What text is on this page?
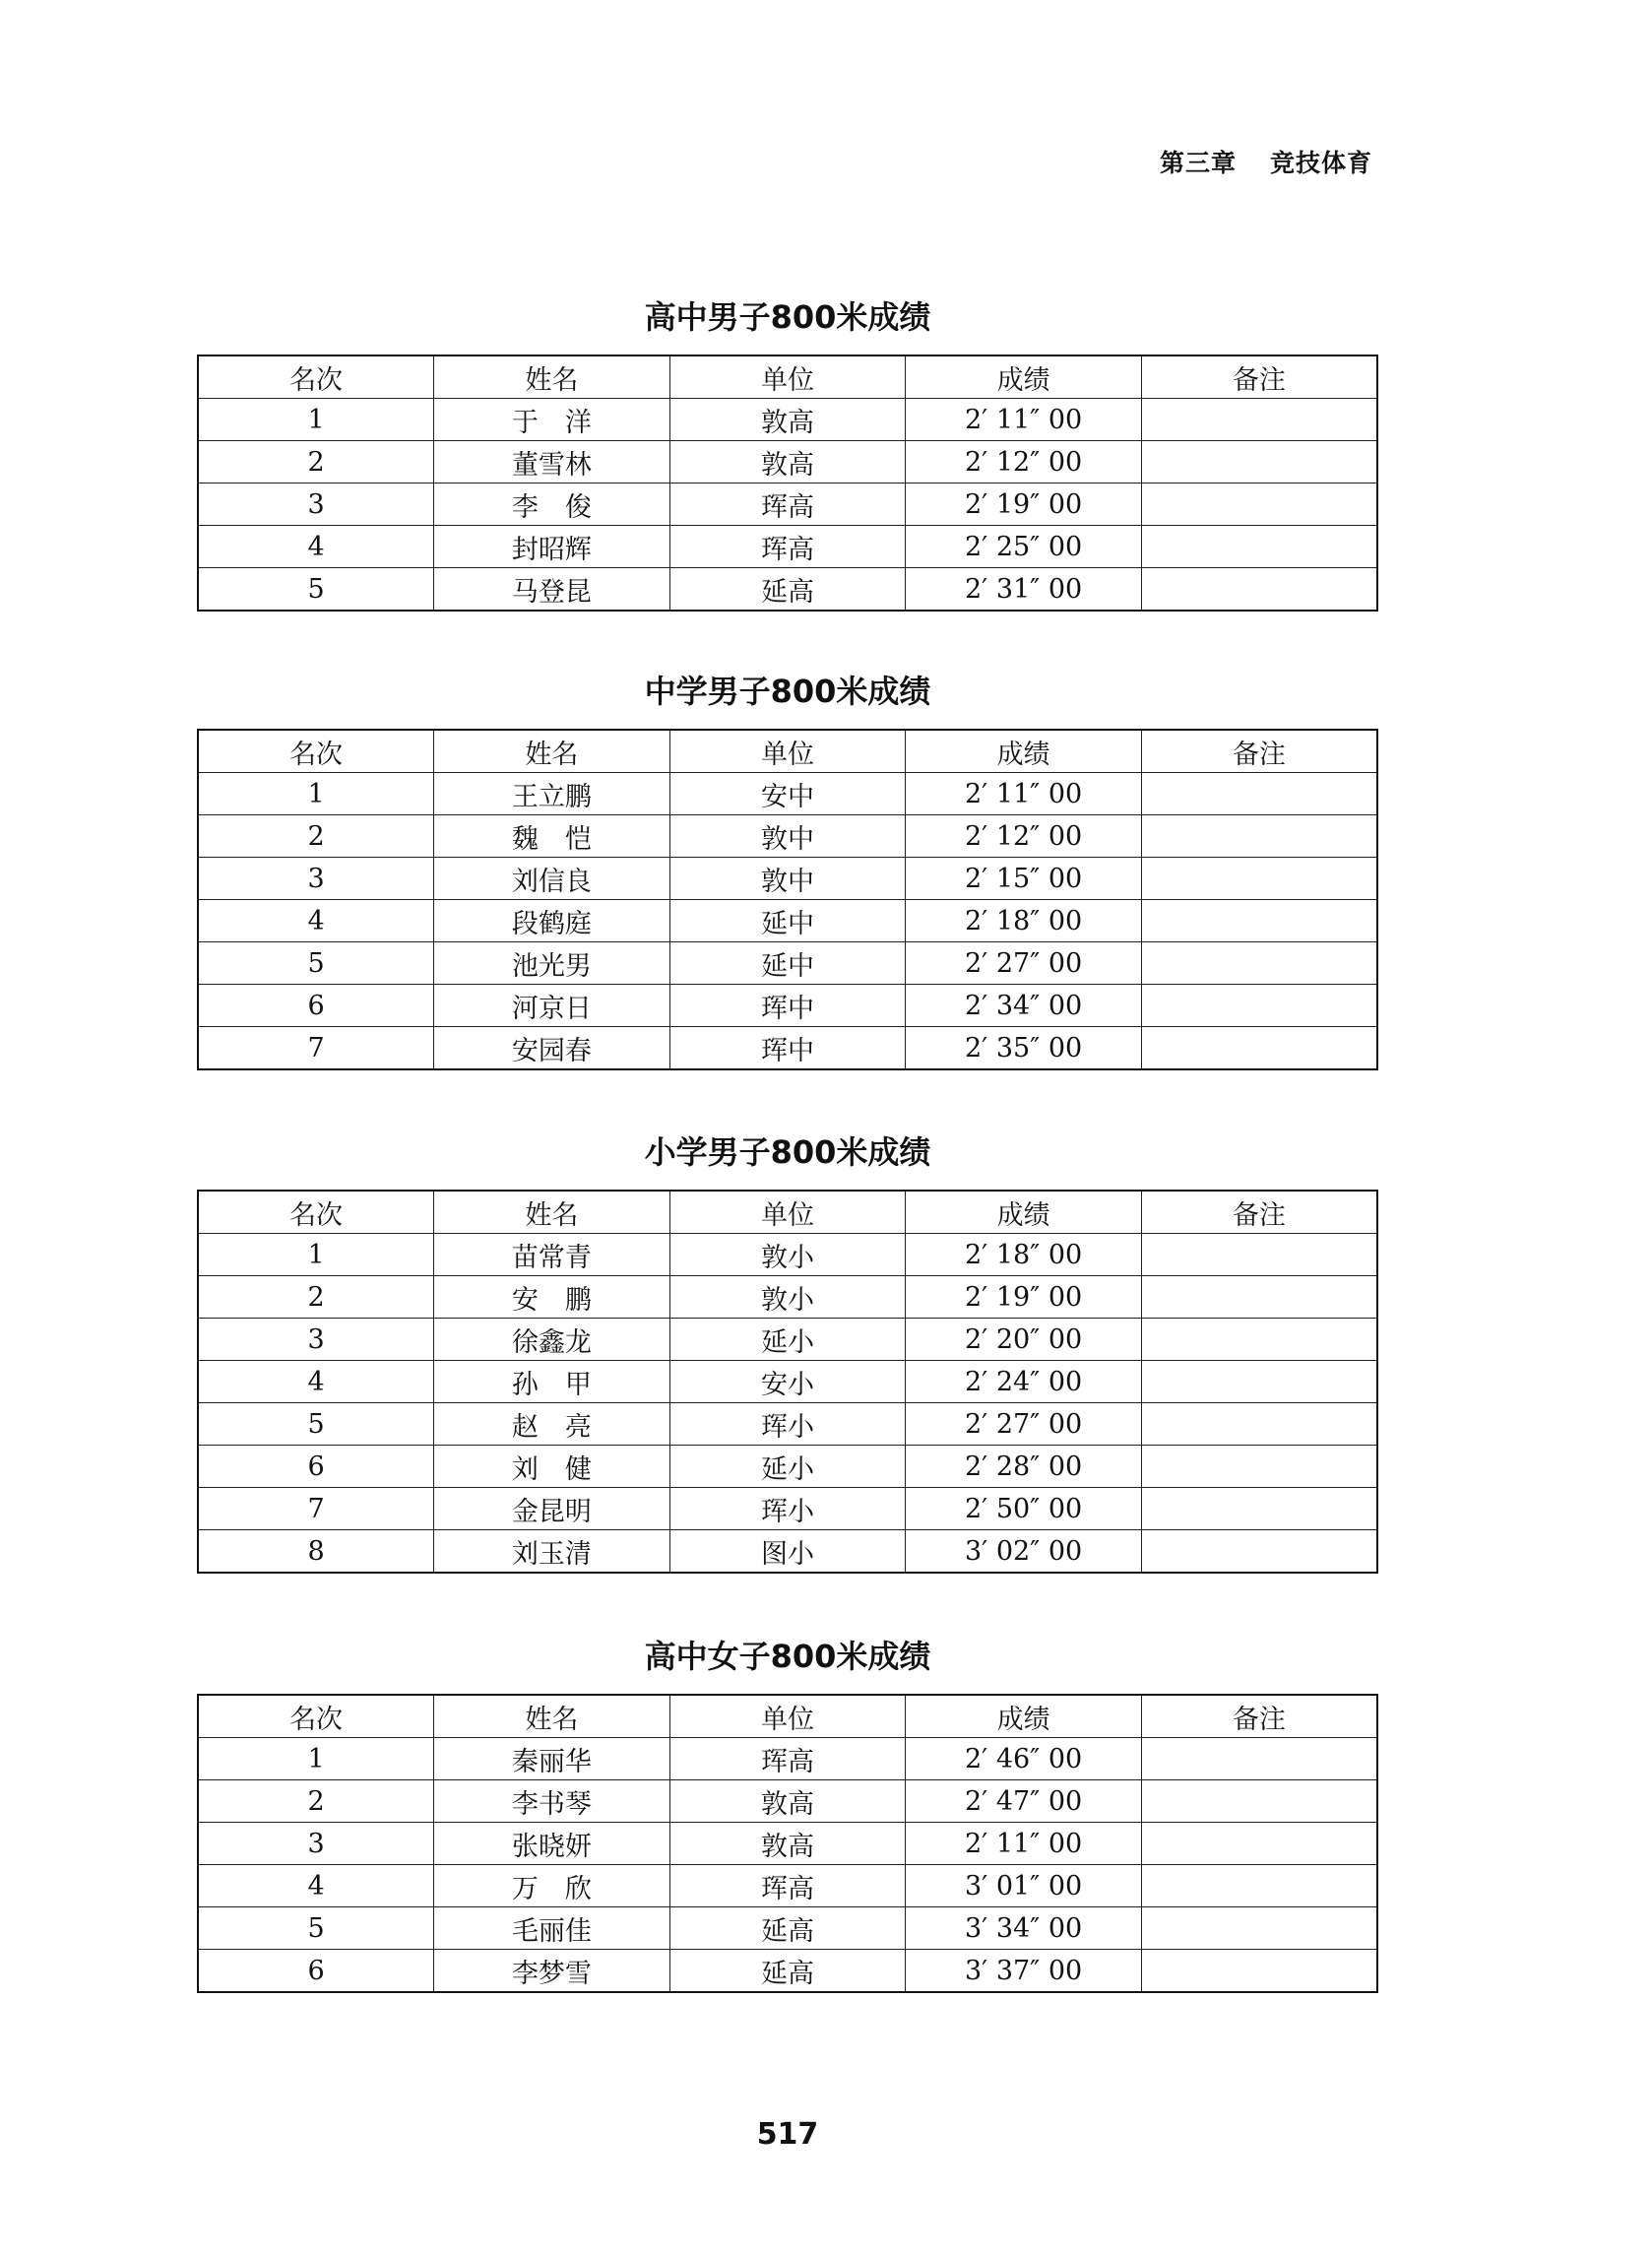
第三章 竞技体育
高中男子800米成绩
名次	姓名	单位	成绩	备注
1	于　洋	敦高	2′ 11″ 00	
2	董雪林	敦高	2′ 12″ 00	
3	李　俊	珲高	2′ 19″ 00	
4	封昭辉	珲高	2′ 25″ 00	
5	马登昆	延高	2′ 31″ 00	
中学男子800米成绩
名次	姓名	单位	成绩	备注
1	王立鹏	安中	2′ 11″ 00	
2	魏　恺	敦中	2′ 12″ 00	
3	刘信良	敦中	2′ 15″ 00	
4	段鹤庭	延中	2′ 18″ 00	
5	池光男	延中	2′ 27″ 00	
6	河京日	珲中	2′ 34″ 00	
7	安园春	珲中	2′ 35″ 00	
小学男子800米成绩
名次	姓名	单位	成绩	备注
1	苗常青	敦小	2′ 18″ 00	
2	安　鹏	敦小	2′ 19″ 00	
3	徐鑫龙	延小	2′ 20″ 00	
4	孙　甲	安小	2′ 24″ 00	
5	赵　亮	珲小	2′ 27″ 00	
6	刘　健	延小	2′ 28″ 00	
7	金昆明	珲小	2′ 50″ 00	
8	刘玉清	图小	3′ 02″ 00	
高中女子800米成绩
名次	姓名	单位	成绩	备注
1	秦丽华	珲高	2′ 46″ 00	
2	李书琴	敦高	2′ 47″ 00	
3	张晓妍	敦高	2′ 11″ 00	
4	万　欣	珲高	3′ 01″ 00	
5	毛丽佳	延高	3′ 34″ 00	
6	李梦雪	延高	3′ 37″ 00	
517
